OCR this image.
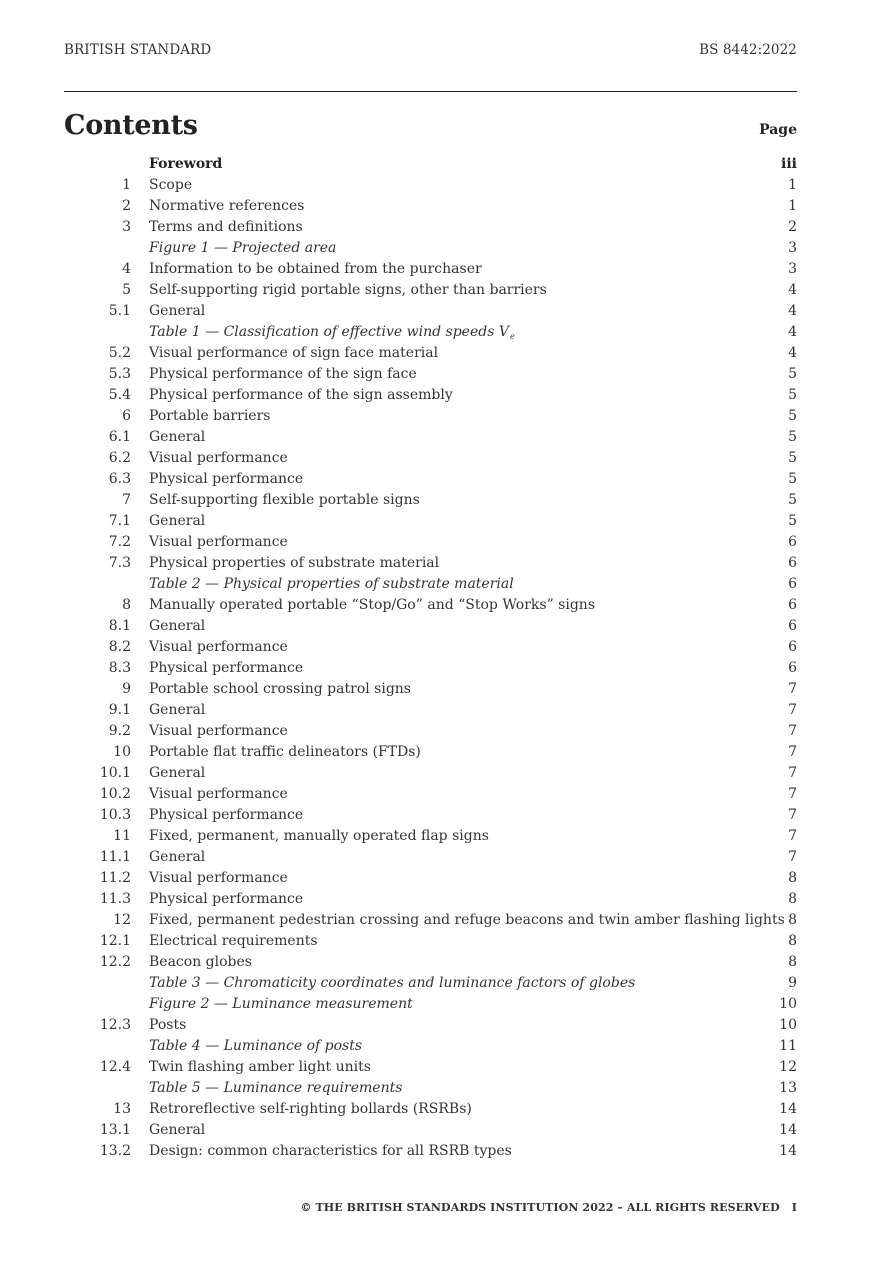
BRITISH STANDARD	BS 8442:2022
Contents	Page
Foreword	iii
1 Scope	1
2 Normative references	1
3 Terms and definitions	2
Figure 1 — Projected area	3
4 Information to be obtained from the purchaser	3
5 Self-supporting rigid portable signs, other than barriers	4
5.1 General	4
Table 1 — Classification of effective wind speeds $V_e$	4
5.2 Visual performance of sign face material	4
5.3 Physical performance of the sign face	5
5.4 Physical performance of the sign assembly	5
6 Portable barriers	5
6.1 General	5
6.2 Visual performance	5
6.3 Physical performance	5
7 Self-supporting flexible portable signs	5
7.1 General	5
7.2 Visual performance	6
7.3 Physical properties of substrate material	6
Table 2 — Physical properties of substrate material	6
8 Manually operated portable “Stop/Go” and “Stop Works” signs	6
8.1 General	6
8.2 Visual performance	6
8.3 Physical performance	6
9 Portable school crossing patrol signs	7
9.1 General	7
9.2 Visual performance	7
10 Portable flat traffic delineators (FTDs)	7
10.1 General	7
10.2 Visual performance	7
10.3 Physical performance	7
11 Fixed, permanent, manually operated flap signs	7
11.1 General	7
11.2 Visual performance	8
11.3 Physical performance	8
12 Fixed, permanent pedestrian crossing and refuge beacons and twin amber flashing lights 8
12.1 Electrical requirements	8
12.2 Beacon globes	8
Table 3 — Chromaticity coordinates and luminance factors of globes	9
Figure 2 — Luminance measurement	10
12.3 Posts	10
Table 4 — Luminance of posts	11
12.4 Twin flashing amber light units	12
Table 5 — Luminance requirements	13
13 Retroreflective self-righting bollards (RSRBs)	14
13.1 General	14
13.2 Design: common characteristics for all RSRB types	14
© THE BRITISH STANDARDS INSTITUTION 2022 – ALL RIGHTS RESERVED I
